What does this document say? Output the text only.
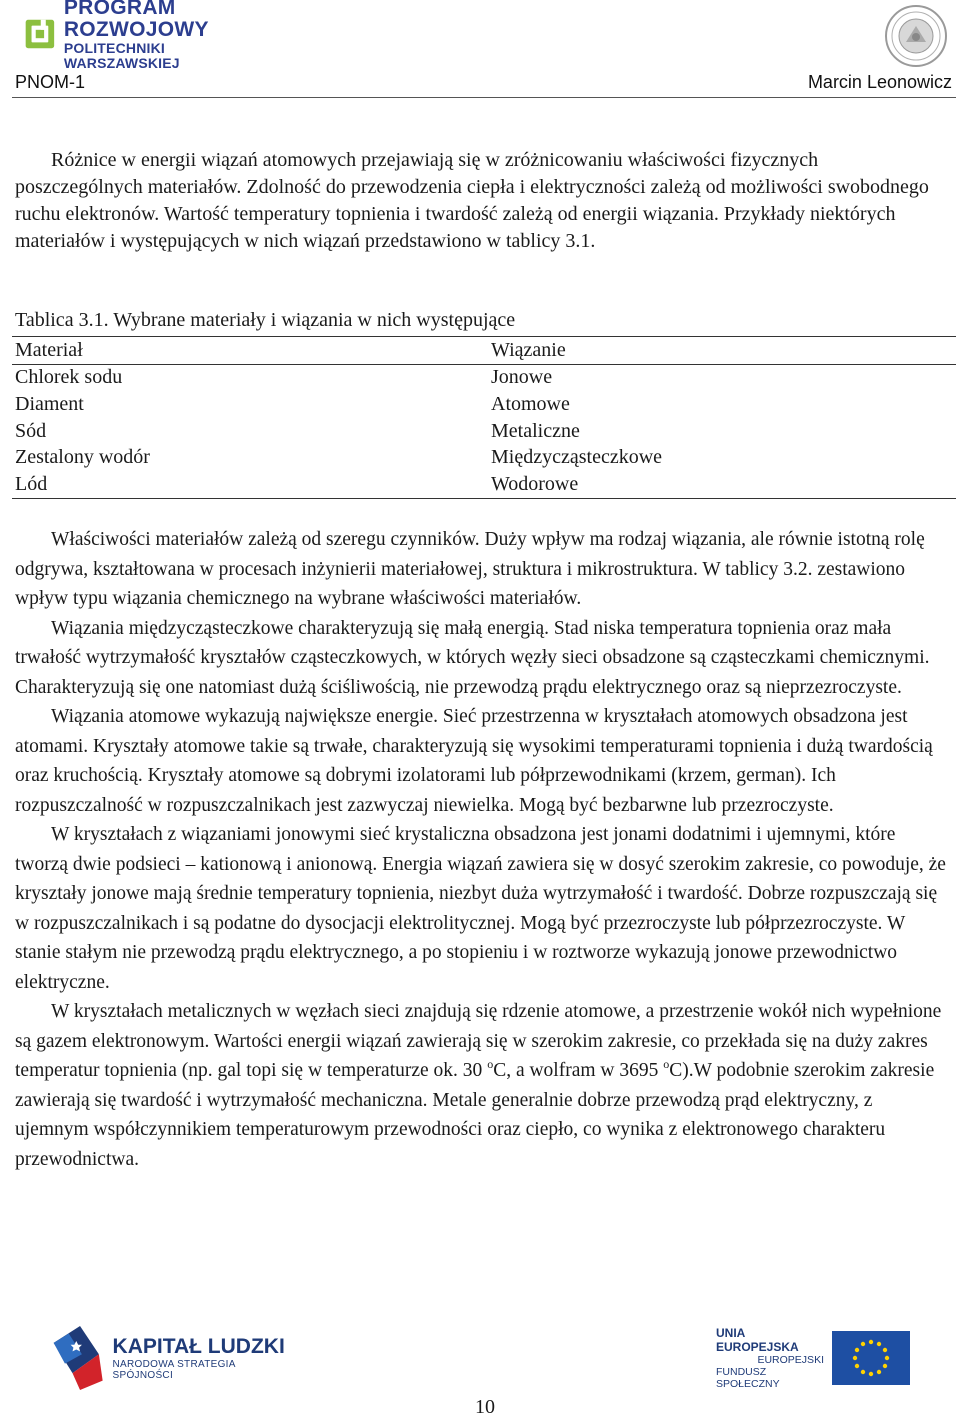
PROGRAM ROZWOJOWY
POLITECHNIKI WARSZAWSKIEJ
PNOM-1	Marcin Leonowicz

Różnice w energii wiązań atomowych przejawiają się w zróżnicowaniu właściwości fizycznych poszczególnych materiałów. Zdolność do przewodzenia ciepła i elektryczności zależą od możliwości swobodnego ruchu elektronów. Wartość temperatury topnienia i twardość zależą od energii wiązania. Przykłady niektórych materiałów i występujących w nich wiązań przedstawiono w tablicy 3.1.

Tablica 3.1. Wybrane materiały i wiązania w nich występujące
Materiał	Wiązanie
Chlorek sodu	Jonowe
Diament	Atomowe
Sód	Metaliczne
Zestalony wodór	Międzycząsteczkowe
Lód	Wodorowe

Właściwości materiałów zależą od szeregu czynników. Duży wpływ ma rodzaj wiązania, ale równie istotną rolę odgrywa, kształtowana w procesach inżynierii materiałowej, struktura i mikrostruktura. W tablicy 3.2. zestawiono wpływ typu wiązania chemicznego na wybrane właściwości materiałów.

Wiązania międzycząsteczkowe charakteryzują się małą energią. Stad niska temperatura topnienia oraz mała trwałość wytrzymałość kryształów cząsteczkowych, w których węzły sieci obsadzone są cząsteczkami chemicznymi. Charakteryzują się one natomiast dużą ściśliwością, nie przewodzą prądu elektrycznego oraz są nieprzezroczyste.

Wiązania atomowe wykazują największe energie. Sieć przestrzenna w kryształach atomowych obsadzona jest atomami. Kryształy atomowe takie są trwałe, charakteryzują się wysokimi temperaturami topnienia i dużą twardością oraz kruchością. Kryształy atomowe są dobrymi izolatorami lub półprzewodnikami (krzem, german). Ich rozpuszczalność w rozpuszczalnikach jest zazwyczaj niewielka. Mogą być bezbarwne lub przezroczyste.

W kryształach z wiązaniami jonowymi sieć krystaliczna obsadzona jest jonami dodatnimi i ujemnymi, które tworzą dwie podsieci – kationową i anionową. Energia wiązań zawiera się w dosyć szerokim zakresie, co powoduje, że kryształy jonowe mają średnie temperatury topnienia, niezbyt duża wytrzymałość i twardość. Dobrze rozpuszczają się w rozpuszczalnikach i są podatne do dysocjacji elektrolitycznej. Mogą być przezroczyste lub półprzezroczyste. W stanie stałym nie przewodzą prądu elektrycznego, a po stopieniu i w roztworze wykazują jonowe przewodnictwo elektryczne.

W kryształach metalicznych w węzłach sieci znajdują się rdzenie atomowe, a przestrzenie wokół nich wypełnione są gazem elektronowym. Wartości energii wiązań zawierają się w szerokim zakresie, co przekłada się na duży zakres temperatur topnienia (np. gal topi się w temperaturze ok. 30 $^o$C, a wolfram w 3695 $^o$C).W podobnie szerokim zakresie zawierają się twardość i wytrzymałość mechaniczna. Metale generalnie dobrze przewodzą prąd elektryczny, z ujemnym współczynnikiem temperaturowym przewodności oraz ciepło, co wynika z elektronowego charakteru przewodnictwa.

KAPITAŁ LUDZKI
NARODOWA STRATEGIA SPÓJNOŚCI
UNIA EUROPEJSKA
EUROPEJSKI
FUNDUSZ SPOŁECZNY
10
